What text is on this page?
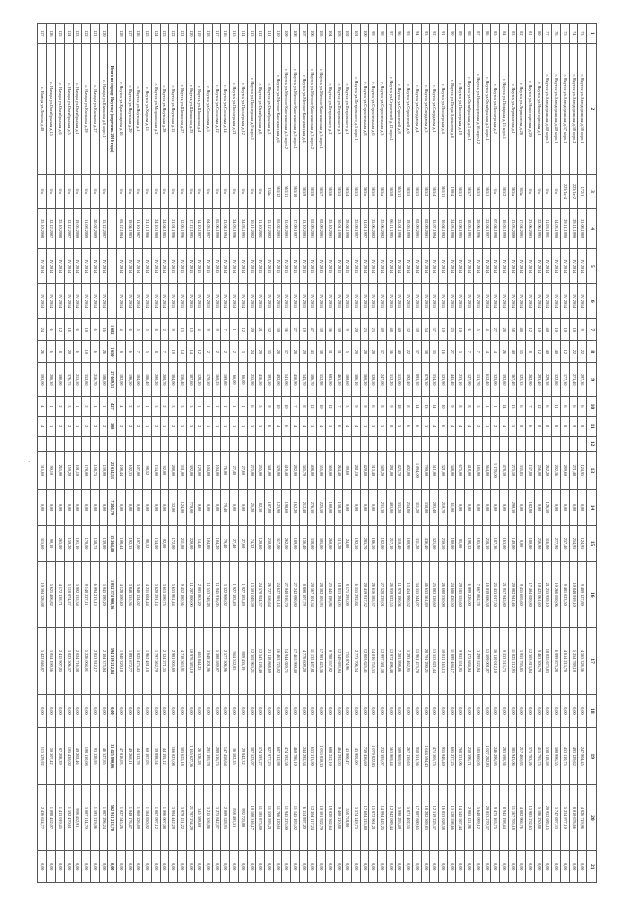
·
1	2	3	4	5	6	7	8	9	10	11	12	13	14	15	16	17	18	19	20	21
73	г. Якутск ул.Автодорожная д.38 корп.1	172/1	21.08.1989	IV 2014	IV 2014	9	22	297,36	6	8		124,95	0,00	124,95	9 489 127,80	4 563 326,36	0,00	247 904,45	4 826 719,96	0,00
74	г. Якутск ул.Автодорожная д.38 корп.2	223/1к-2	29.11.1990	IV 2014	IV 2014	10	22	271,40	6	9		271,40	0,00	254,95	10 848 919,10	5 254 789,19	0,00	493 129,62	8 010 676,66	0,00
75	г. Якутск ул.Автодорожная д.37 корп.1	223/1к-4	29.11.1990	IV 2014	IV 2014	10	12	177,30	6	8		289,60	0,00	237,40	9 481 023,50	4 614 213,78	0,00	453 110,73	5 234 977,10	0,00
76	г. Якутск ул.Автодорожная д.40 корп.1	б/н	14.03.1990	IV 2014	IV 2014	10	40	322,80	11	8		202,36	0,00	277,90	10 266 050,06	6 099 873,28	0,00	500 996,35	3 747 697,33	0,00
77	г. Якутск ул.Автодорожная д.40 корп.3	б/н	11.03.1991	IV 2014	IV 2014	40	40	229,38	6	8		262,20	126,50	316,00	21 255 939,10	18 025 673,83	0,00	538 118,58	20 952 085,15	0,00
80	г. Якутск ул.Новопортовая д.1	б/н	22.06.1995	IV 2014	IV 2014	10	12	293,40	12	8		256,90	0,00	256,90	10 425 061,60	9 463 303,79	0,00	415 795,75	5 186 230,88	0,00
81	г. Якутск ул.Новопортовая д.20	б/н	23.06.2003	IV 2014	IV 2014	12	8	282,90	7	6		137,80	182,80	180,80	17 404 020,80	12 303 813,84	0,00	375 783,26	13 985 232,63	0,00
82	г. Якутск ул.Лермонтова д.28	363а	17.04.2001	IV 2014	IV 2014	48	55	325,35	6	8		335,85	0,00	0,00	9 455 605,60	5 955 795,85	0,00	217 460,85	4 882 966,76	0,00
83	г. Якутск ул.Лермонтова д.1	363/а	13.03.2000	IV 2014	IV 2014	58	40	367,40	13	5		275,50	290,30	149,00	20 082 941,46	11 825 212,93	0,00	385 943,06	11 167 705,18	0,00
84	г. Якутск ул.Полярная д.15 корп.1	363/2	10.05.1999	IV 2014	IV 2014	28	26	392,80	14	4		478,30	0,00	163,00	21 957 945,80	9 533 513,73	0,00	283 598,36	8 945 198,44	0,00
85	г. Якутск ул.Пионерская д.2	б/н	07.04.1998	IV 2014	IV 2014	27	4	325,00	1	2		1 178,00	0,00	187,36	25 453 017,50	16 110 012,10	0,00	246 296,95	9 475 163,75	0,00
86	г. Якутск ул.Октябрьская д.3 корп.1	363/1	22.04.1997	IV 2014	IV 2014	4	4	612,40	1	1		564,00	0,00	238,30	16 039 606,38	13 509 001,97	0,00	1 027 282,05	20 053 270,37	0,00
87	г. Якутск ул.Новопортовая д.16 корп.12	363/3	20.06.1996	IV 2014	IV 2015	5	7	131,70	5	2		185,90	0,00	185,90	7 667 062,78	3 299 522,94	0,00	185 660,05	5 640 099,12	0,00
88	г. Якутск ул.Октябрьская д.1 корп.1	363/7	18.05.1991	IV 2014	IV 2015	6	7	127,90	8	4		418,00	0,00	198,32	6 099 226,00	2 175 684,04	0,00	230 396,71	2 903 121,96	0,00
89	г. Якутск ул.Пионерская д.19	363/1	12.08.1995	IV 2014	IV 2015	10	3	233,10	8	4		675,00	0,00	95,00	29 185 555,60	9 955 551,95	0,00	768 331,06	14 345 567,44	0,00
90	г. Якутск ул.Петра Алексеева д.6	190/4	24.03.1998	IV 2014	IV 2015	23	27	445,40	9	4		348,00	61,00	180,00	24 686 450,50	11 899 484,17	0,00	605 237,25	13 128 598,66	0,00
91	г. Якутск ул.Пионерская д.4	363/11	10.04.1992	IV 2014	IV 2015	10	16	523,90	10	6		321,00	210,70	230,50	26 680 530,09	10 811 145,13	0,00	955 946,40	16 853 028,58	0,00
92	г. Якутск ул.Свердлова д.1	363/4	15.07.1994	IV 2014	IV 2015	37	35	534,30	14	4		511,00	203,40	321,00	25 883 138,60	13 553 621,44	0,00	471 305,75	12 319 225,37	0,00
93	г. Якутск ул.Свердлова д.3	363/2	02.09.2001	IV 2014	IV 2015	54	38	879,30	13	3		790,00	330,00	436,40	46 655 561,89	28 791 290,21	0,00	1 644 594,43	18 282 569,83	0,00
94	г. Якутск ул.Свердлова д.4	363/3	02.09.2001	IV 2014	IV 2015	39	37	893,30	14	6		1 094,00	311,20	311,20	34 355 344,07	15 961 475,78	0,00	950 351,36	17 807 880,65	0,00
95	г. Якутск ул.Строителей д.6	363/5	19.05.1999	IV 2014	IV 2015	32	22	392,40	8	6		402,00	254,80	180,90	13 454 990,52	5 293 462,95	0,00	267 139,65	5 871 402,35	0,00
96	г. Якутск ул.Строителей д.8	363/11	23.01.1996	IV 2014	IV 2015	40	40	515,00	18	5		423,70	331,20	310,40	11 979 190,04	7 203 998,86	0,00	509 969,93	5 990 295,49	0,00
97	г. Якутск ул.Строителей д.12 корп.1	363/8	06.11.1995	IV 2014	IV 2015	48	36	512,20	9	8		281,00	403,00	217,10	26 939 822,55	12 972 496,48	0,00	563 969,44	12 942 089,44	0,00
98	г. Якутск ул.Строительная д.3	363/а	25.06.2002	IV 2014	IV 2015	49	37	247,00	8	3		349,20	231,30	182,00	27 528 239,01	12 997 581,38	0,00	232 395,07	14 994 443,25	0,00
99	г. Якутск ул.Строительная д.6	363/б	25.06.2002	IV 2014	IV 2015	23	28	328,50	6	3		313,40	0,00	186,50	26 616 585,37	14 016 755,33	0,00	1 079 822,85	15 872 961,21	0,00
100	г. Якутск ул.Строительная д.8	363/в	11.01.1997	IV 2014	IV 2015	23	28	568,20	9	1		420,80	0,00	285,70	20 419 917,32	12 803 625,41	0,00	730 436,60	17 604 215,80	0,00
101	г. Якутск ул.Петровского д.5 корп.1	363/3	25.09.1997	IV 2015	IV 2015	20	29	386,10	9	4		281,10	0,00	192,50	6 555 292,84	2 773 706,34	0,00	43 905,00	3 574 149,73	0,00
102	г. Якутск ул.Петровского д.1	363/4	29.04.1998	IV 2015	IV 2015	9	5	180,60	3	4		99,60	0,00	24,80	8 171 293,09	755 074,96	0,00	43 900,47	558 718,00	0,00
103	г. Якутск ул.Петровского д.3	363/5	30.01.1998	IV 2015	IV 2015	30	31	463,20	7	6		264,40	158,10	113,20	18 813 294,03	12 549 693,94	0,00	464 292,03	9 400 210,88	0,00
104	г. Якутск ул.Петровского д.2	363/6	25.10.2001	IV 2015	IV 2015	36	31	683,90	12	5		360,00	180,00	260,00	23 445 198,86	8 788 557,92	0,00	688 252,10	19 020 362,64	0,00
105	г. Якутск ул.Мегино-Кангаласская д.3 корп.1	363/7	02.09.2001	IV 2015	IV 2015	39	38	552,98	10	4		355,00	225,50	305,00	28 382 105,93	17 981 425,36	0,00	1 033 830,35	10 301 922,70	0,00
106	г. Якутск ул.Мегино-Кангаласская д.3 корп.2	363/8	02.09.2001	IV 2015	IV 2015	47	43	586,70	12	3		408,00	276,30	338,00	20 567 101,34	11 135 487,81	0,00	653 313,90	12 304 117,24	0,00
107	г. Якутск ул.Мегино-Кангаласская д.4	363/9	13.10.2001	IV 2015	IV 2015	19	29	345,70	8	4		345,70	212,40	156,40	8 808 107,79	4 776 609,20	0,00	244 292,34	6 114 897,20	0,00
108	г. Якутск ул.Мегино-Кангаласская д.5 корп.1	363/10	17.09.1997	IV 2015	IV 2015	27	28	456,90	7	4		282,90	162,20	189,00	27 242 090,80	17 465 990,40	0,00	460 786,10	11 145 183,02	0,00
109	г. Якутск ул.Мегино-Кангаласская д.5 корп.2	363/11	15.09.2001	IV 2015	IV 2015	36	37	541,00	10	6		410,40	198,60	262,00	27 040 916,70	14 944 020,71	0,00	474 192,58	11 945 223,00	0,00
110	г. Якутск ул.Мегино-Кангаласская д.6	363/12	05.02.2001	IV 2015	IV 2015	30	28	492,00	10	4		329,90	123,90	317,00	24 627 901,14	16 463 725,02	0,00	607 312,98	11 766 120,61	0,00
111	г. Якутск ул.Октябрьская д.5	134а	15.12.2002	IV 2015	IV 2015	32	35	393,50	9	6		341,00	107,80	230,00	26 727 556,64	21 118 868,69	0,00	827 977,23	11 559 595,21	0,00
112	г. Якутск ул.Октябрьская д.6	б/н	11.10.2001	IV 2015	IV 2015	21	29	416,50	5	3		255,00	82,30	120,60	24 578 924,57	12 543 126,40	0,00	574 393,27	11 105 873,80	0,00
113	г. Якутск ул.Пионерская д.9 корп.1	б/н	10.11.2002	IV 2015	IV 2015	20	24	255,90	6	3		275,00	25,20	74,32	13 501 049,59	12 302 963,21	0,00	307 523,07	10 108 316,17	0,00
114	г. Якутск ул.Пионерская д.12	б/н	24.03.1995	IV 2014	IV 2014	12	3	66,00	1	1		27,60	0,00	27,60	1 927 183,49	889 435,19	0,00	29 842,32	992 725,88	0,00
115	г. Якутск ул.Пионерская д.21	б/н	24.03.1996	IV 2014	IV 2014	1	2	66,00	1	1		27,40	0,00	27,40	1 927 183,49	944 512,85	0,00	36 582,35	838 401,51	0,00
116	г. Якутск ул.Сосновая д.14	б/н	13.04.1994	IV 2014	IV 2014	7	2	109,80	1	1		76,00	79,40	79,40	3 322 908,02	2 577 506,96	0,00	147 458,64	2 009 528,93	0,00
117	г. Якутск ул.Сосновая д.12	б/н	05.06.1990	IV 2015	IV 2015	9	2	160,25	1	1		104,00	0,00	104,20	11 945 916,05	5 388 589,97	0,00	289 516,75	3 275 842,97	0,00
118	г. Якутск ул.Сосновая д.5	б/н	04.03.1997	IV 2015	IV 2015	9	2	170,50	1	1		104,80	0,00	104,80	11 553 748,28	3 648 201,96	0,00	291 195,78	3 215 356,86	0,00
119	г. Якутск ул.Шишкина д.4	б/н	14.10.1997	IV 2015	IV 2015	4	12	128,20	1	2		129,00	0,00	14,40	2 003 063,20	465 844,25	0,00	26 326,28	345 309,69	0,00
120	г. Якутск ул.Шишкина д.25	б/н	17.12.1995	IV 2015	IV 2015	13	14	387,60	3	3		392,00	770,00	220,00	11 207 000,00	10 976 383,10	0,00	1 165 627,36	21 787 234,29	0,00
121	г. Якутск ул.Шишкина д.27	б/н	12.05.1996	IV 2015	IV 2015	13	14	356,40	3	3		331,00	124,00	211,00	9 452 180,36	4 718 563,91	0,00	303 625,18	3 979 151,22	0,00
122	г. Якутск ул.Якутская д.15	б/н	21.01.1996	IV 2015	IV 2015	9	19	384,00	3	2		288,00	32,00	172,00	5 653 961,44	2 981 005,89	0,00	166 823,08	3 904 442,29	0,00
123	г. Якутск ул.Якутская д.28	б/н	24.04.1985	IV 2014	IV 2014	2	7	200,70	2	1		92,00	0,00	92,00	3 615 590,75	2 124 271,35	0,00	44 195,12	1 006 007,08	0,00
124	г. Якутск ул.Мирнинская д.2	б/н	24.10.1980	IV 2014	IV 2014	8	8	200,20	3	2		134,00	0,00	134,00	3 620 291,14	1 797 562,79	0,00	39 898,54	1 087 097,12	0,00
125	г. Якутск ул.Кирова д.15	б/н	21.11.1986	IV 2014	IV 2014	5	5	186,40	1	1		98,52	0,00	98,52	4 231 604,44	1 962 481,18	0,00	60 187,03	1 164 830,02	0,00
126	г. Якутск ул.Якутская д.1	б/н	11.10.1987	IV 2014	IV 2014	5	7	184,00	3	2		107,00	0,00	107,00	3 948 124,02	1 825 473,43	0,00	44 312,78	1 060 226,89	0,00
127	г. Якутск ул.Якутская д.20	б/н	19.04.1983	IV 2014	IV 2014	6	6	196,50	2	2		102,33	0,00	102,33	3 848 155,36	1 893 672,77	0,00	49 268,11	1 049 176,47	0,00
128	г. Якутск ул.Красноярова д.16	б/н	05.12.1984	IV 2014	IV 2014	4	8	182,00	4	2		108,44	0,00	108,44	4 128 500,40	1 940 320,18	0,00	47 816,03	1 027 545,26	0,00
	Итого по городу Якутску (перечень 2016 года)					1 682	1 650	27 049,51	427	308		23 614,53	7 204,79	15 264,48	1 052 374 908,36	594 319 212,84	0,00	31 425 890,06	562 911 213,70	0,00
120	с. Намцы ул.Кычкина д.6 корп.1	б/н	15.12.2007	IV 2014	IV 2014	16	26	186,00	1	2		139,00	0,00	139,00	3 945 190,20	2 104 375,04	0,00	46 327,85	1 087 296,24	0,00
121	с. Намцы ул.Кычкина д.27	б/н	20.02.2009	IV 2014	IV 2014	6	6	216,70	1	2		158,75	0,00	158,75	6 094 213,13	2 853 912,17	0,00	93 120,95	1 593 219,06	0,00
122	с. Намцы ул.Кычкина д.29	б/н	11.08.2009	IV 2014	IV 2014	10	10	352,80	2	2		178,00	0,00	178,00	9 148 227,11	5 226 004,01	0,00	198 110,08	3 007 114,70	0,00
123	с. Намцы ул.Октябрьская д.1	б/н	19.05.2009	IV 2014	IV 2014	6	6	215,50	1	1		101,10	0,00	101,10	3 902 135,34	2 024 716,38	0,00	49 202,46	998 452,91	0,00
124	с. Намцы ул.Октябрьская д.3	б/н	12.12.2007	IV 2014	IV 2014	16	20	376,75	3	2		159,20	0,00	159,20	5 118 074,57	3 023 506,37	0,00	105 438,02	1 592 470,61	0,00
125	с. Намцы ул.Октябрьская д.6	б/н	25.10.2008	IV 2014	IV 2014	12	8	306,00	2	2		265,00	0,00	265,00	4 172 138,71	2 415 907,05	0,00	87 208,39	1 413 019,45	0,00
126	с. Намцы ул.Октябрьская д.15	б/н	12.12.2007	IV 2014	IV 2014	6	6	206,30	1	1		90,10	0,00	90,10	5 621 406,82	3 054 190,56	0,00	50 307,42	1 098 452,07	0,00
127	с. Намцы ул.Ленина д.40	б/н	25.10.2008	IV 2014	IV 2014	24	26	505,00	4	4		315,60	0,00	315,60	10 304 526,88	5 422 846,87	0,00	113 329,92	2 436 624,77	0,00
